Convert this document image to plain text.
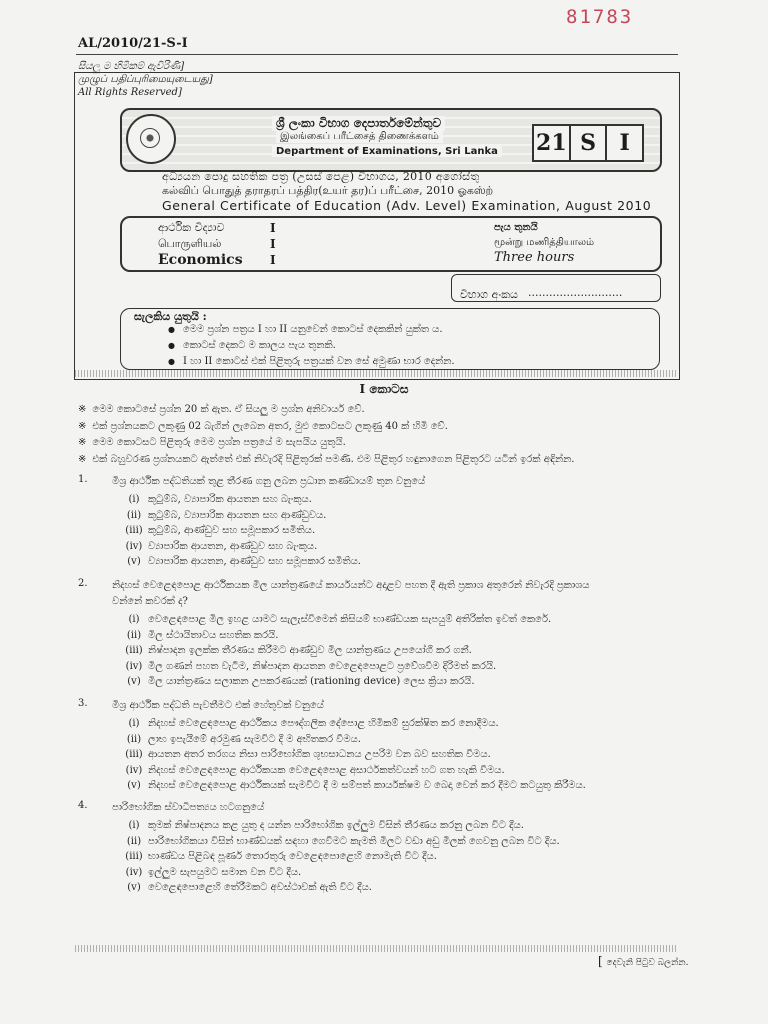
81783
AL/2010/21-S-I
සියලු ම හිමිකම් ඇවිරිණි]
முழுப் பதிப்புரிமையுடையது]
All Rights Reserved]
ශ්‍රී ලංකා විභාග දෙපාර්තමේන්තුව
இலங்கைப் பரீட்சைத் திணைக்களம்
Department of Examinations, Sri Lanka 21 S	I
අධ්‍යයන පොදු සහතික පත්‍ර (උසස් පෙළ) විභාගය, 2010 අගෝස්තු
கல்விப் பொதுத் தராதரப் பத்திர(உயர் தர)ப் பரீட்சை, 2010 ஓகஸ்ற்
General Certificate of Education (Adv. Level) Examination, August 2010
ආර්ථික විද්‍යාව
பொருளியல்
Economics
I
I
I
පැය තුනයි
மூன்று மணித்தியாலம்
Three hours
විභාග අංකය ...........................
සැලකිය යුතුයි :
● මෙම ප්‍රශ්න පත්‍රය I හා II යනුවෙන් කොටස් දෙකකින් යුක්ත ය.
● කොටස් දෙකට ම කාලය පැය තුනකි.
● I හා II කොටස් එක් පිළිතුරු පත්‍රයක් වන සේ අමුණා භාර දෙන්න.
I කොටස
※ මෙම කොටසේ ප්‍රශ්න 20 ක් ඇත. ඒ සියලු ම ප්‍රශ්න අනිවාර්ය වේ.
※ එක් ප්‍රශ්නයකට ලකුණු 02 බැගින් ලැබෙන අතර, මුළු කොටසට ලකුණු 40 ක් හිමි වේ.
※ මෙම කොටසට පිළිතුරු මෙම ප්‍රශ්න පත්‍රයේ ම සැපයිය යුතුයි.
※ එක් බහුවරණ ප්‍රශ්නයකට ඇත්තේ එක් නිවැරදි පිළිතුරක් පමණි. එම පිළිතුර හඳුනාගෙන පිළිතුරට යටින් ඉරක් අඳින්න.
1. මිශ්‍ර ආර්ථික පද්ධතියක් තුළ තීරණ ගනු ලබන ප්‍රධාන කණ්ඩායම් තුන වනුයේ
(i) කුටුම්බ, ව්‍යාපාරික ආයතන සහ බැංකුය.
(ii) කුටුම්බ, ව්‍යාපාරික ආයතන සහ ආණ්ඩුවය.
(iii) කුටුම්බ, ආණ්ඩුව සහ සමූපකාර සමිතිය.
(iv) ව්‍යාපාරික ආයතන, ආණ්ඩුව සහ බැංකුය.
(v) ව්‍යාපාරික ආයතන, ආණ්ඩුව සහ සමූපකාර සමිතිය.
2. නිදහස් වෙළෙඳපොළ ආර්ථිකයක මිල යාන්ත්‍රණයේ කාර්යයන්ට අදාළව පහත දී ඇති ප්‍රකාශ අතුරෙන් නිවැරදි ප්‍රකාශය
වන්නේ කවරක් ද?
(i) වෙළෙඳපොළ මිල ඉහළ යාමට සැලැස්වීමෙන් කිසියම් භාණ්ඩයක සැපයුම් අතිරික්ත ඉවත් කෙරේ.
(ii) මිල ස්ථායිතාවය සහතික කරයි.
(iii) නිෂ්පාදන ඉලක්ක තීරණය කිරීමට ආණ්ඩුව මිල යාන්ත්‍රණය උපයෝගී කර ගනී.
(iv) මිල ගණන් පහත වැටීම, නිෂ්පාදන ආයතන වෙළෙඳපොළට ප්‍රවේශවීම දිරිමත් කරයි.
(v) මිල යාන්ත්‍රණය සලාකන උපකරණයක් (rationing device) ලෙස ක්‍රියා කරයි.
3. මිශ්‍ර ආර්ථික පද්ධති පැවතීමට එක් හේතුවක් වනුයේ
(i) නිදහස් වෙළෙඳපොළ ආර්ථිකය පෞද්ගලික දේපොළ හිමිකම් සුරක්ෂිත කර නොදීමය.
(ii) ලාභ ඉපැයීමේ අරමුණ සැමවිට දී ම අභිතකර වීමය.
(iii) ආයතන අතර තරගය නිසා පාරිභෝගික ශුභසාධනය උපරිම වන බව සහතික වීමය.
(iv) නිදහස් වෙළෙඳපොළ ආර්ථිකයක වෙළෙඳපොළ අසාර්ථකත්වයන් හට ගත හැකි වීමය.
(v) නිදහස් වෙළෙඳපොළ ආර්ථිකයක් සැමවිට දී ම සම්පත් කාර්යක්ෂම ව බෙදා වෙන් කර දීමට කටයුතු කිරීමය.
4. පාරිභෝගික ස්වාධිපත්‍යය හටගනුයේ
(i) කුමක් නිෂ්පාදනය කළ යුතු ද යන්න පාරිභෝගික ඉල්ලුම විසින් තීරණය කරනු ලබන විට දීය.
(ii) පාරිභෝගිකයා විසින් භාණ්ඩයක් සඳහා ගෙවීමට කැමති මිලට වඩා අඩු මිලක් ගෙවනු ලබන විට දීය.
(iii) භාණ්ඩය පිළිබඳ පූර්ණ තොරතුරු වෙළෙඳපොළෙහි නොමැති විට දීය.
(iv) ඉල්ලුම සැපයුමට සමාන වන විට දීය.
(v) වෙළෙඳපොළෙහි තේරීමකට අවස්ථාවක් ඇති විට දීය.
[ දෙවැනි පිටුව බලන්න.
